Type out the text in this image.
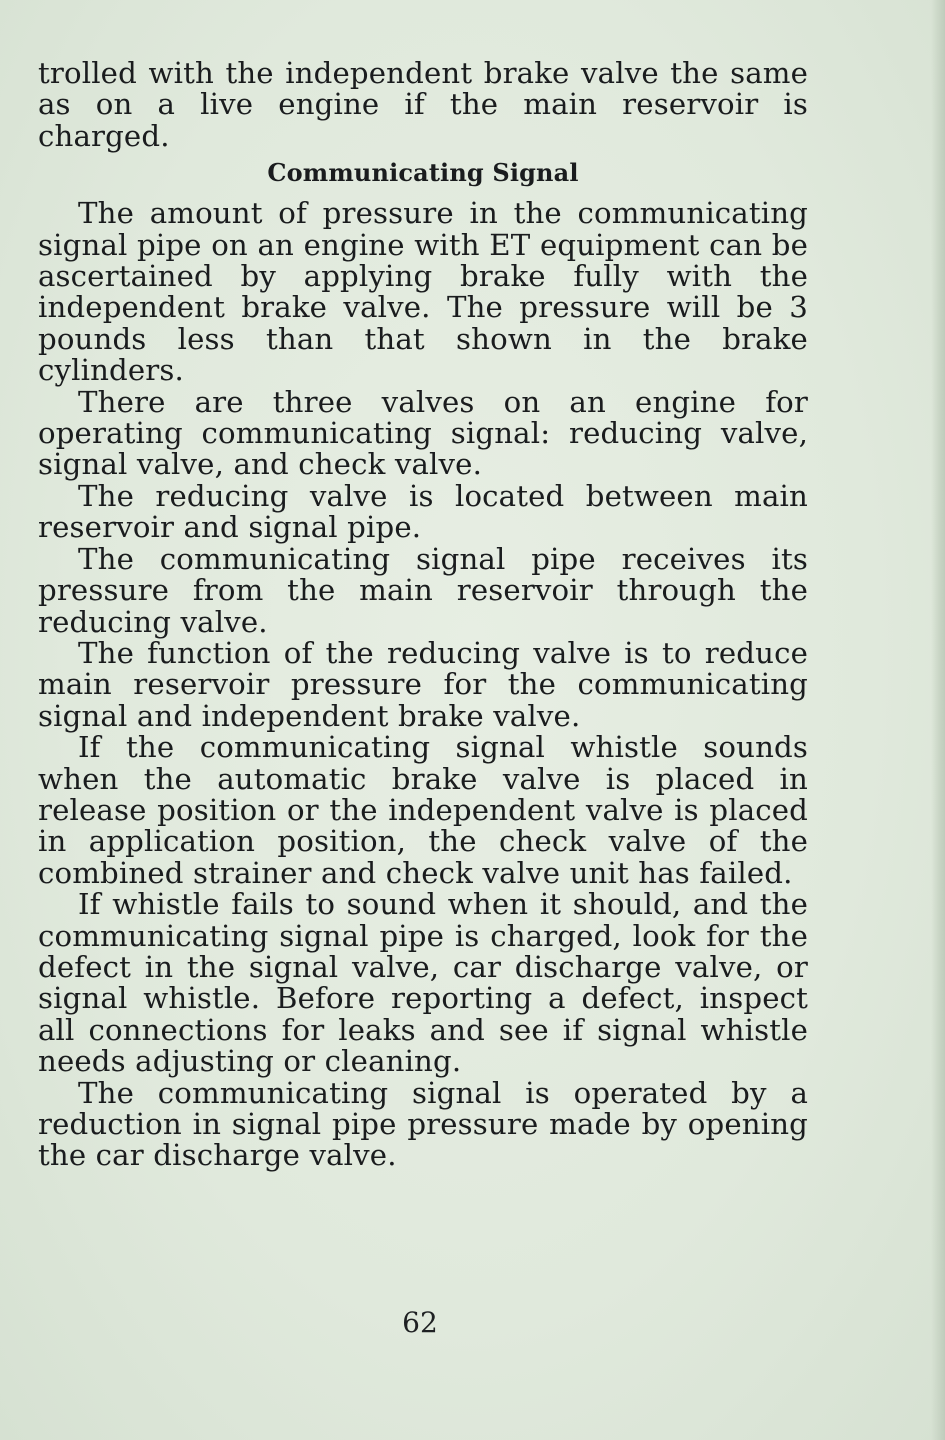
trolled with the independent brake valve the same as on a live engine if the main reservoir is charged.

Communicating Signal

The amount of pressure in the communicating signal pipe on an engine with ET equipment can be ascertained by applying brake fully with the independent brake valve. The pressure will be 3 pounds less than that shown in the brake cylinders.

There are three valves on an engine for operating communicating signal: reducing valve, signal valve, and check valve.

The reducing valve is located between main reservoir and signal pipe.

The communicating signal pipe receives its pressure from the main reservoir through the reducing valve.

The function of the reducing valve is to reduce main reservoir pressure for the communicating signal and independent brake valve.

If the communicating signal whistle sounds when the automatic brake valve is placed in release position or the independent valve is placed in application position, the check valve of the combined strainer and check valve unit has failed.

If whistle fails to sound when it should, and the communicating signal pipe is charged, look for the defect in the signal valve, car discharge valve, or signal whistle. Before reporting a defect, inspect all connections for leaks and see if signal whistle needs adjusting or cleaning.

The communicating signal is operated by a reduction in signal pipe pressure made by opening the car discharge valve.

62
